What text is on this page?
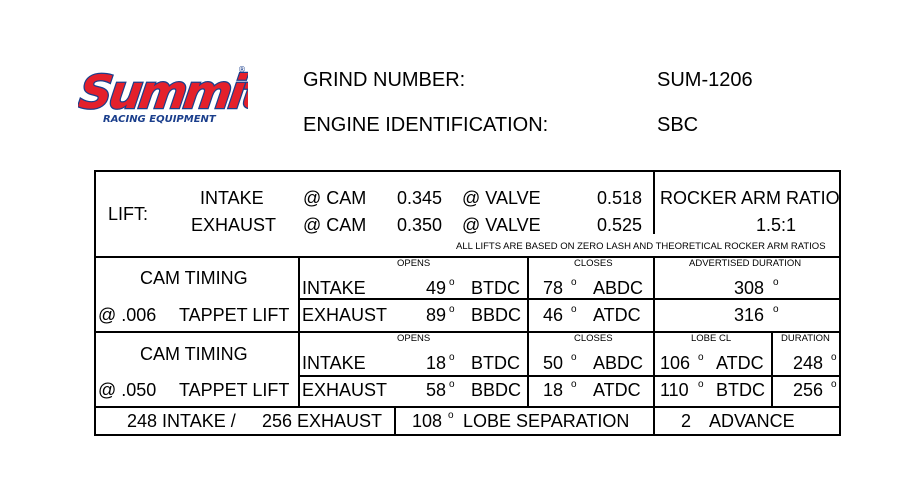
Summit
®
RACING EQUIPMENT
GRIND NUMBER:	SUM-1206
ENGINE IDENTIFICATION:	SBC
LIFT:
INTAKE @ CAM 0.345 @ VALVE	0.518
EXHAUST @ CAM 0.350 @ VALVE	0.525
ROCKER ARM RATIO
1.5:1
ALL LIFTS ARE BASED ON ZERO LASH AND THEORETICAL ROCKER ARM RATIOS
CAM TIMING
@ .006 TAPPET LIFT
OPENS	CLOSES	ADVERTISED DURATION
INTAKE	49 o BTDC 78 o ABDC	308 o
EXHAUST	89 o BBDC 46 o ATDC	316 o
CAM TIMING
@ .050 TAPPET LIFT
OPENS	CLOSES	LOBE CL	DURATION
INTAKE	18 o BTDC 50 o ABDC 106 o ATDC 248 o
EXHAUST	58 o BBDC 18 o ATDC 110 o BTDC 256 o
248 INTAKE / 256 EXHAUST 108 o LOBE SEPARATION	2 ADVANCE
